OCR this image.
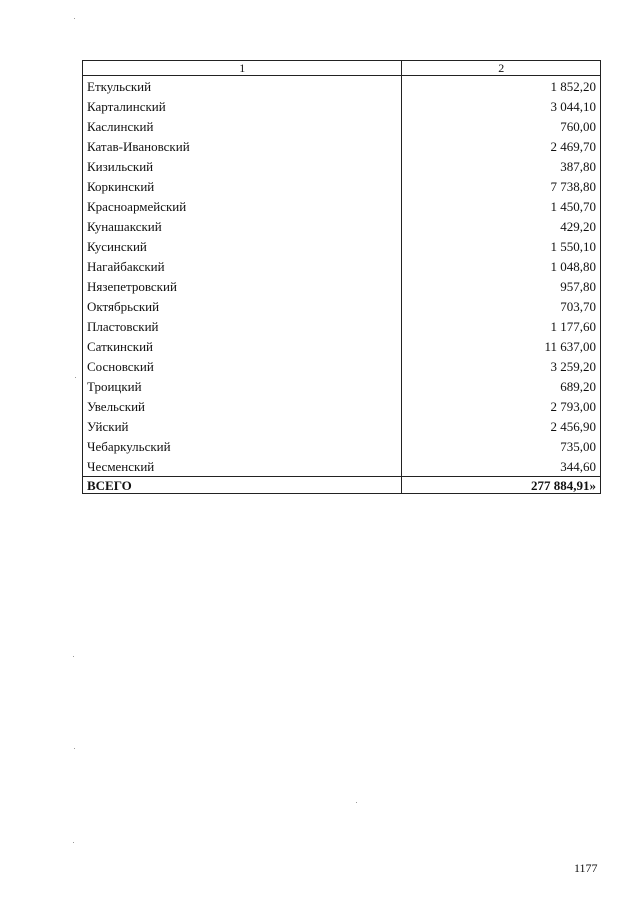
1	2
Еткульский	1 852,20
Карталинский	3 044,10
Каслинский	760,00
Катав-Ивановский	2 469,70
Кизильский	387,80
Коркинский	7 738,80
Красноармейский	1 450,70
Кунашакский	429,20
Кусинский	1 550,10
Нагайбакский	1 048,80
Нязепетровский	957,80
Октябрьский	703,70
Пластовский	1 177,60
Саткинский	11 637,00
Сосновский	3 259,20
Троицкий	689,20
Увельский	2 793,00
Уйский	2 456,90
Чебаркульский	735,00
Чесменский	344,60
ВСЕГО	277 884,91»
1177
